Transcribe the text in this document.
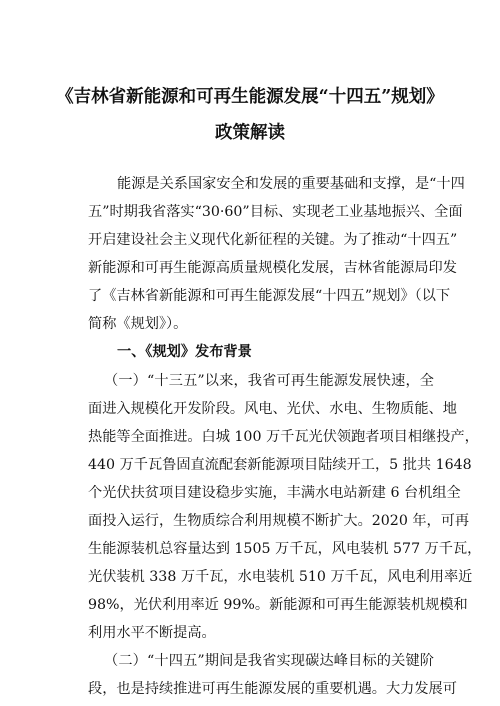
《吉林省新能源和可再生能源发展“十四五”规划》
政策解读
能源是关系国家安全和发展的重要基础和支撑，是“十四
五”时期我省落实“30·60”目标、实现老工业基地振兴、全面
开启建设社会主义现代化新征程的关键。为了推动“十四五”
新能源和可再生能源高质量规模化发展，吉林省能源局印发
了《吉林省新能源和可再生能源发展“十四五”规划》（以下
简称《规划》）。
一、《规划》发布背景
（一）“十三五”以来，我省可再生能源发展快速，全
面进入规模化开发阶段。风电、光伏、水电、生物质能、地
热能等全面推进。白城 100 万千瓦光伏领跑者项目相继投产，
440 万千瓦鲁固直流配套新能源项目陆续开工，5 批共 1648
个光伏扶贫项目建设稳步实施，丰满水电站新建 6 台机组全
面投入运行，生物质综合利用规模不断扩大。2020 年，可再
生能源装机总容量达到 1505 万千瓦，风电装机 577 万千瓦，
光伏装机 338 万千瓦，水电装机 510 万千瓦，风电利用率近
98%，光伏利用率近 99%。新能源和可再生能源装机规模和
利用水平不断提高。
（二）“十四五”期间是我省实现碳达峰目标的关键阶
段，也是持续推进可再生能源发展的重要机遇。大力发展可
